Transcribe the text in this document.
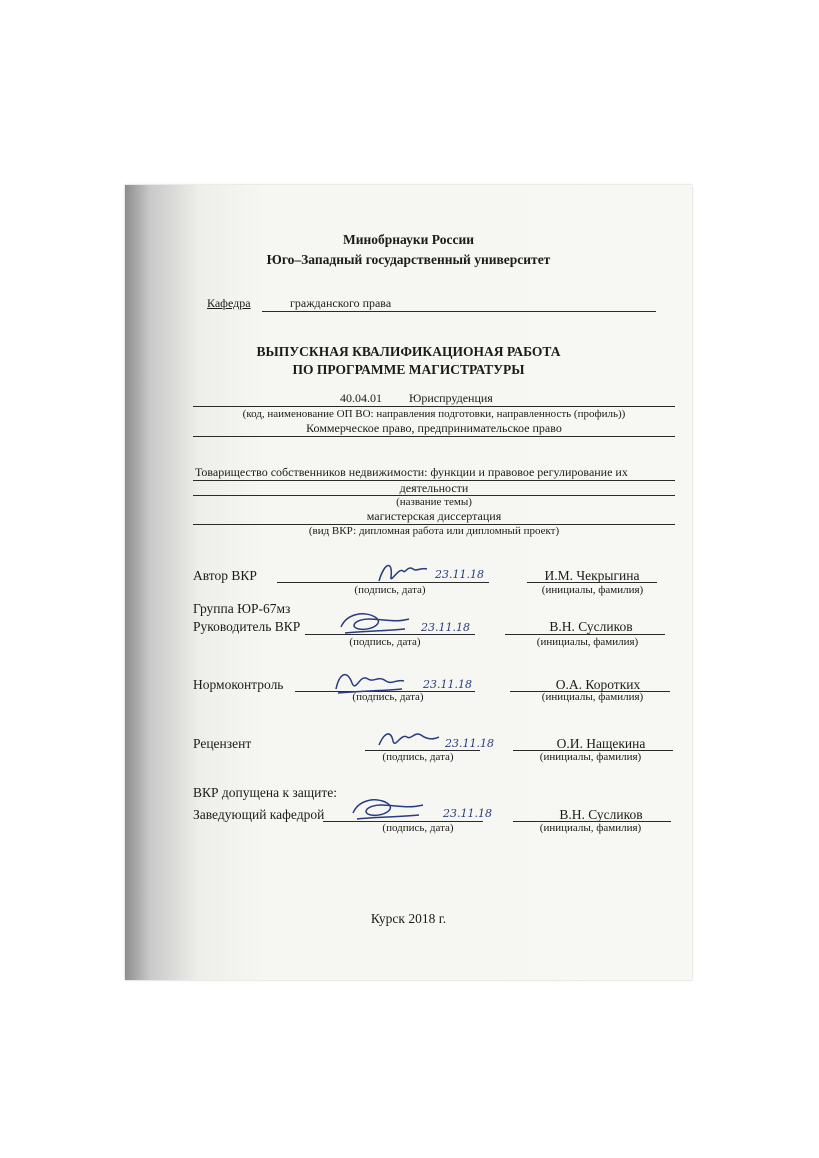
Минобрнауки России
Юго–Западный государственный университет
Кафедра	гражданского права
ВЫПУСКНАЯ КВАЛИФИКАЦИОНАЯ РАБОТА
ПО ПРОГРАММЕ МАГИСТРАТУРЫ
40.04.01 Юриспруденция
(код, наименование ОП ВО: направления подготовки, направленность (профиль))
Коммерческое право, предпринимательское право
Товарищество собственников недвижимости: функции и правовое регулирование их
деятельности
(название темы)
магистерская диссертация
(вид ВКР: дипломная работа или дипломный проект)
Автор ВКР	23.11.18	И.М. Чекрыгина
(подпись, дата)	(инициалы, фамилия)
Группа ЮР-67мз
Руководитель ВКР	23.11.18	В.Н. Сусликов
(подпись, дата)	(инициалы, фамилия)
Нормоконтроль	23.11.18	О.А. Коротких
(подпись, дата)	(инициалы, фамилия)
Рецензент	23.11.18	О.И. Нащекина
(подпись, дата)	(инициалы, фамилия)
ВКР допущена к защите:
Заведующий кафедрой	23.11.18	В.Н. Сусликов
(подпись, дата)	(инициалы, фамилия)
Курск 2018 г.
